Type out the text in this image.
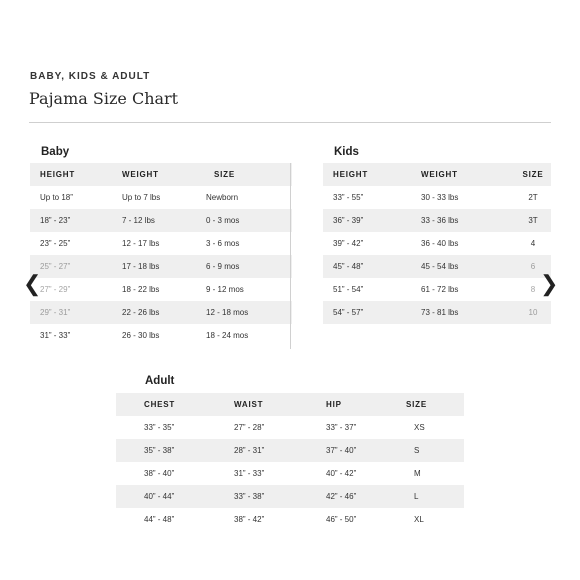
BABY, KIDS & ADULT
Pajama Size Chart
Baby
HEIGHT	WEIGHT	SIZE
Up to 18”	Up to 7 lbs	Newborn
18” - 23”	7 - 12 lbs	0 - 3 mos
23” - 25”	12 - 17 lbs	3 - 6 mos
25” - 27”	17 - 18 lbs	6 - 9 mos
27” - 29”	18 - 22 lbs	9 - 12 mos
29” - 31”	22 - 26 lbs	12 - 18 mos
31” - 33”	26 - 30 lbs	18 - 24 mos
Kids
HEIGHT	WEIGHT	SIZE
33” - 55”	30 - 33 lbs	2T
36” - 39”	33 - 36 lbs	3T
39” - 42”	36 - 40 lbs	4
45” - 48”	45 - 54 lbs	6
51” - 54”	61 - 72 lbs	8
54” - 57”	73 - 81 lbs	10
Adult
CHEST	WAIST	HIP	SIZE
33” - 35”	27” - 28”	33” - 37”	XS
35” - 38”	28” - 31”	37” - 40”	S
38” - 40”	31” - 33”	40” - 42”	M
40” - 44”	33” - 38”	42” - 46”	L
44” - 48”	38” - 42”	46” - 50”	XL
❮	❯
